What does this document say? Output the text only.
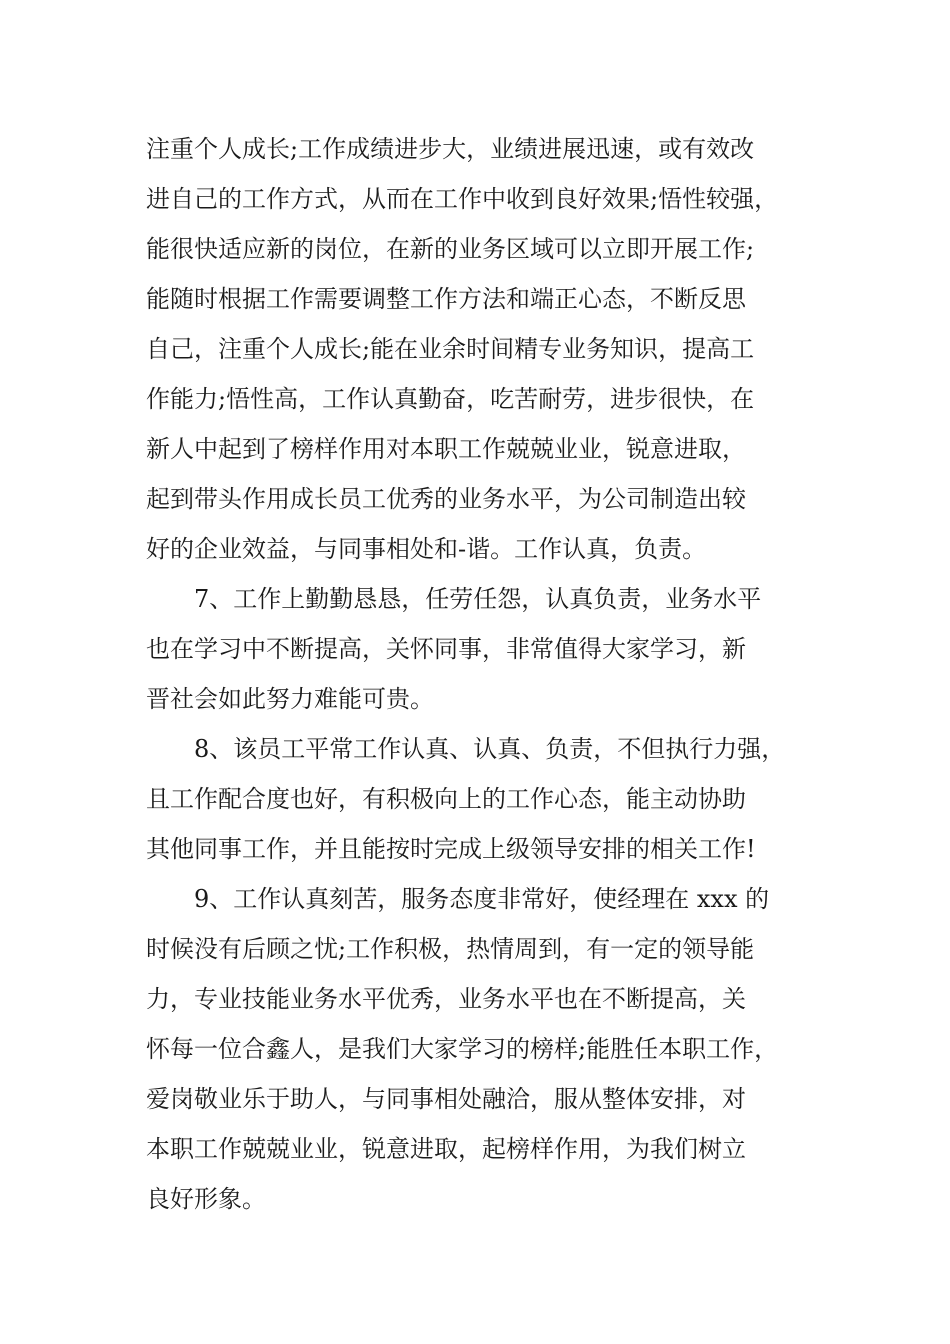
注重个人成长;工作成绩进步大，业绩进展迅速，或有效改
进自己的工作方式，从而在工作中收到良好效果;悟性较强，
能很快适应新的岗位，在新的业务区域可以立即开展工作;
能随时根据工作需要调整工作方法和端正心态，不断反思
自己，注重个人成长;能在业余时间精专业务知识，提高工
作能力;悟性高，工作认真勤奋，吃苦耐劳，进步很快，在
新人中起到了榜样作用对本职工作兢兢业业，锐意进取，
起到带头作用成长员工优秀的业务水平，为公司制造出较
好的企业效益，与同事相处和-谐。工作认真，负责。
7、工作上勤勤恳恳，任劳任怨，认真负责，业务水平
也在学习中不断提高，关怀同事，非常值得大家学习，新
晋社会如此努力难能可贵。
8、该员工平常工作认真、认真、负责，不但执行力强，
且工作配合度也好，有积极向上的工作心态，能主动协助
其他同事工作，并且能按时完成上级领导安排的相关工作!
9、工作认真刻苦，服务态度非常好，使经理在 xxx 的
时候没有后顾之忧;工作积极，热情周到，有一定的领导能
力，专业技能业务水平优秀，业务水平也在不断提高，关
怀每一位合鑫人，是我们大家学习的榜样;能胜任本职工作，
爱岗敬业乐于助人，与同事相处融洽，服从整体安排，对
本职工作兢兢业业，锐意进取，起榜样作用，为我们树立
良好形象。
